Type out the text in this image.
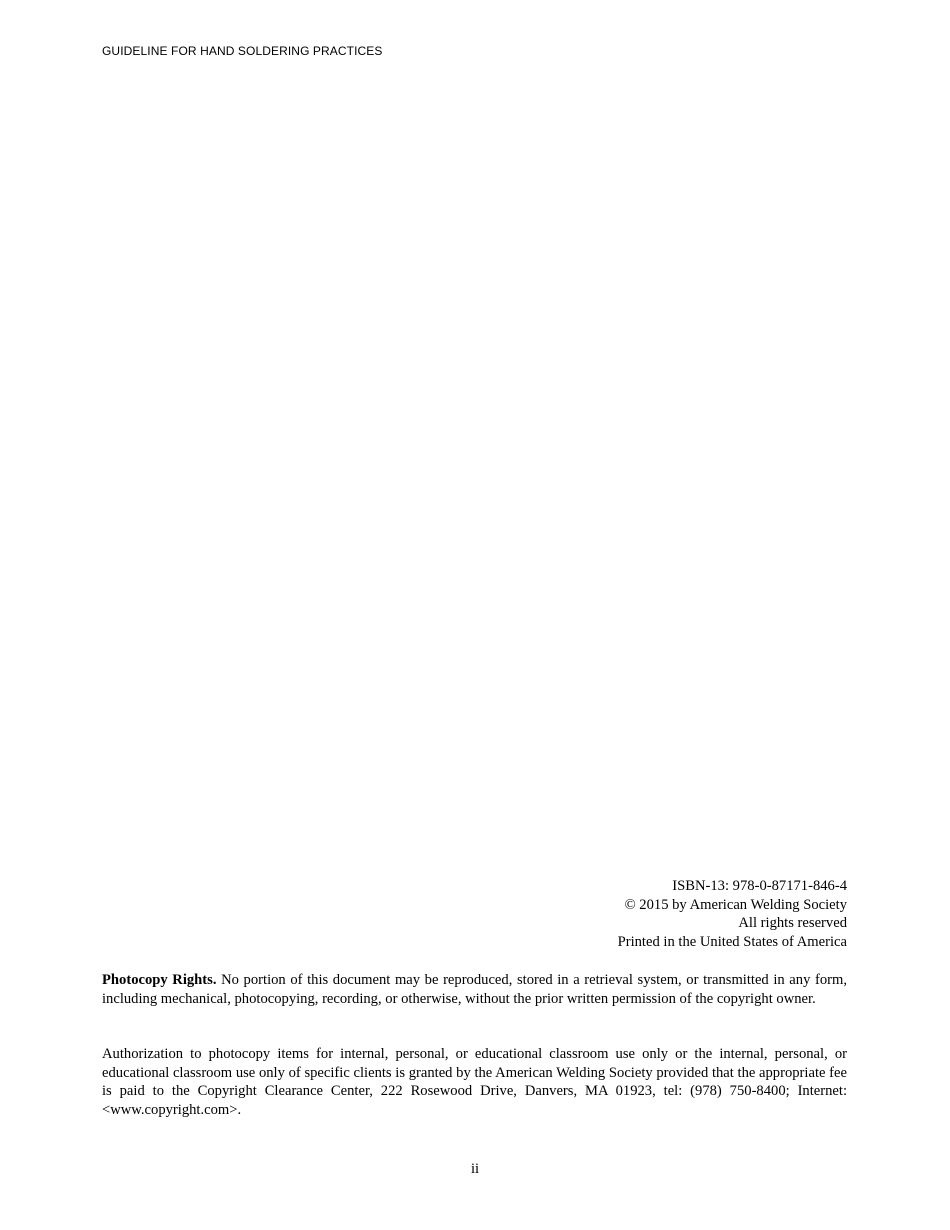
GUIDELINE FOR HAND SOLDERING PRACTICES
ISBN-13: 978-0-87171-846-4
© 2015 by American Welding Society
All rights reserved
Printed in the United States of America

Photocopy Rights. No portion of this document may be reproduced, stored in a retrieval system, or transmitted in any form, including mechanical, photocopying, recording, or otherwise, without the prior written permission of the copyright owner.

Authorization to photocopy items for internal, personal, or educational classroom use only or the internal, personal, or educational classroom use only of specific clients is granted by the American Welding Society provided that the appropriate fee is paid to the Copyright Clearance Center, 222 Rosewood Drive, Danvers, MA 01923, tel: (978) 750-8400; Internet: <www.copyright.com>.

ii
